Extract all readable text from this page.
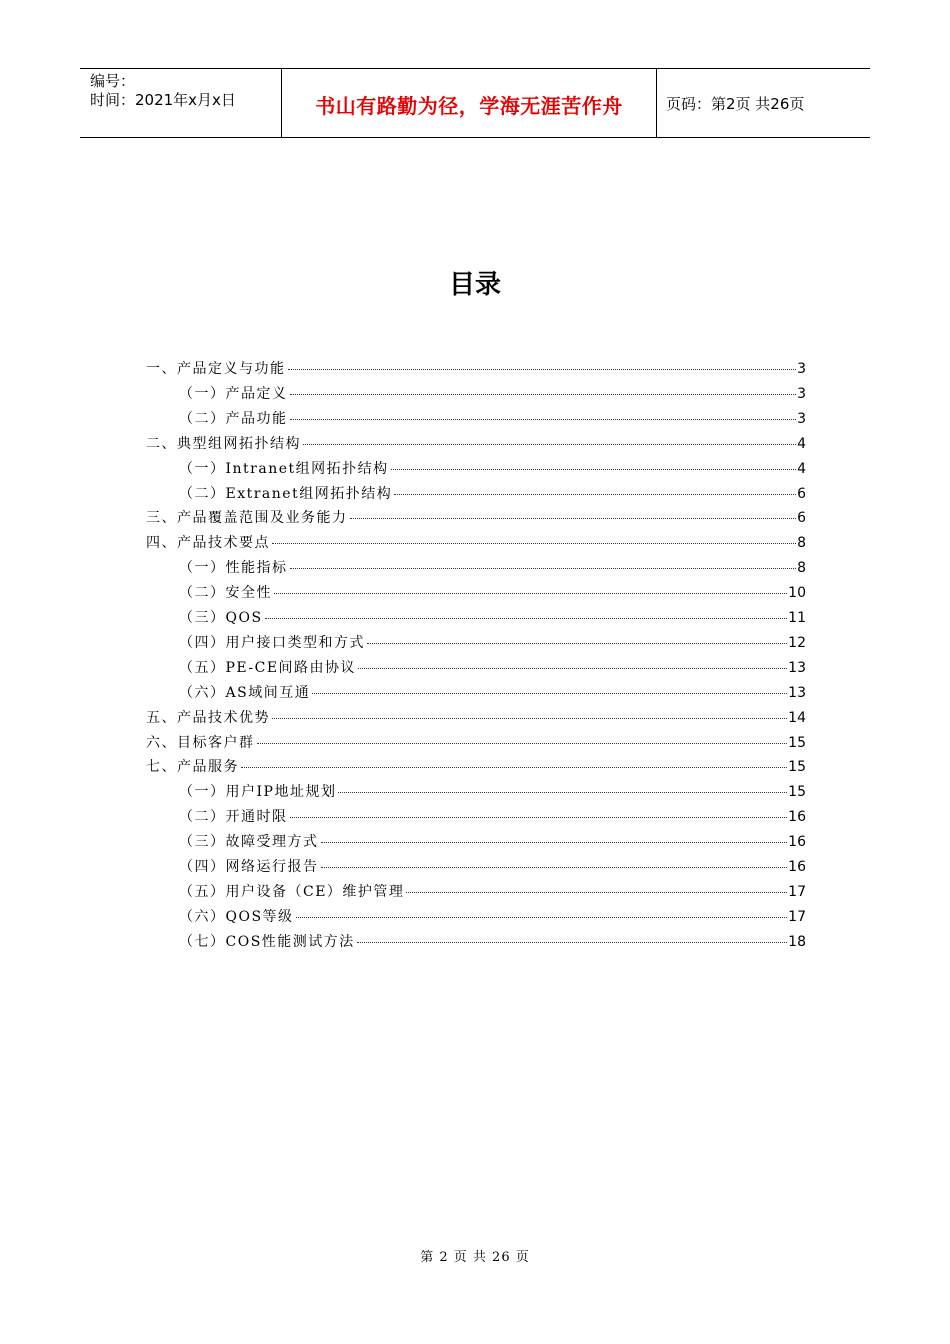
编号：
时间：2021年x月x日	书山有路勤为径，学海无涯苦作舟	页码：第2页 共26页
目录
一、产品定义与功能	3
（一）产品定义	3
（二）产品功能	3
二、典型组网拓扑结构	4
（一）Intranet组网拓扑结构	4
（二）Extranet组网拓扑结构	6
三、产品覆盖范围及业务能力	6
四、产品技术要点	8
（一）性能指标	8
（二）安全性	10
（三）QOS	11
（四）用户接口类型和方式	12
（五）PE-CE间路由协议	13
（六）AS域间互通	13
五、产品技术优势	14
六、目标客户群	15
七、产品服务	15
（一）用户IP地址规划	15
（二）开通时限	16
（三）故障受理方式	16
（四）网络运行报告	16
（五）用户设备（CE）维护管理	17
（六）QOS等级	17
（七）COS性能测试方法	18
第 2 页 共 26 页
